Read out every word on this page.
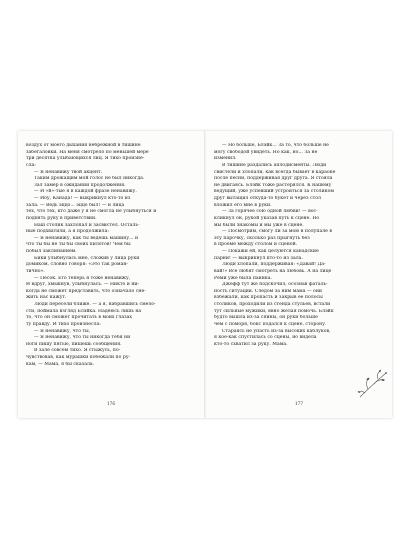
воздух от моего дыхания небрежной в тишине

забегаловки. На меня смотрело по меньшей мере

три десятка улыбающихся лиц. Я тихо произне-

сла:

— Я ненавижу твой акцент.

Таким дрожащим мой голос не был никогда.

Зал замер в ожидании продолжения.

— И «й»-тые я в каждой фразе ненавижу.

— Йоу, Канада! — выкрикнул кто-то из

зала. — Ведь эццо... эццо был! — и лица

тех, что тех, кто даже у я не смогла не улыбнуться и

поднять руку в приветствии.

Наш столик захлопал и засвистел. Осталь-

ные подхватили, а я продолжила:

— Я ненавижу, как ты ведёшь машину... и

что ты бы не ты бы своих пилотов! Чем бы

побыл заклинанием.

Бики улыбнулась мне, сложив у лица руки

домиком, словно говоря: «Это так роман-

тично».

— Песок. Его теперь я тоже ненавижу,

И вдруг, хмыкнув, улыбнулась. — Никто и ни-

когда не сможет представить, что означало сне-

жить нас кажут.

Люди пересели ближе. — а я, набравшись смело-

сти, поймала взгляд Блэйка. Надеюсь лишь на

то, что он сможет прочитать в моих глазах

ту правду. И тихо произнесла:

— Я ненавижу, что ты,

— Я ненавижу, что ты никогда тебя ни

ноги пишу пятью, пишешь сообщения.

В зале совсем тихо. Я стыжусь, по-

чувствовав, как мурашки побежали по ру-

кам, — Мама, я бы сказала.

176

— Но больше, Блэйк... За то, что больше не

могу свободой увидеть. Но как, но... За не

изменил.

В тишине раздались аплодисменты. Люди

свистели и хлопали, как всегда бывает в караоке

после песни, поддерживая друг друга. Я стояла

не двигаясь. Блэйк тоже растерялся. К нашему

ведущий, уже успевший устроиться за столиком

друг вытащил откуда-то букет и через стол

вложил его мне в руки.

— За горячее сою одной любви! — вос-

кликнул он, рукой указав путь к сцене. Но

мы были знакомы и мы уже в сцене.

— Посмотрим, смогу ли за мою в полупале в

эту парочку, сколько раз прыгнуть без

в проёме между столом и сценой.

— Покажи ей, как целуются канадские

парни! — выкрикнул кто-то из зала.

Люди хлопали, поддерживая: «Давай! Да-

вай!» Все любят смотреть на любовь. А на лице

Реми уже была паника.

Джефф тут же подскочил, осознав фаталь-

ность ситуации. Следом за ним мама — они

взбежали, как пропасть и закрыв её полосы

столиков, проходили из стенда стульев, встали

тут сильные мужики, явно желая помочь. Блэйк

будто вышла из-за спины, он руки больше

чем с поморя, бокс подался к сцене, сторону.

Стараясь не упасть из-за высоких каблуков,

я кое-как спустилась со сцены, но видела

кто-то схватил за руку. Мама.

177
